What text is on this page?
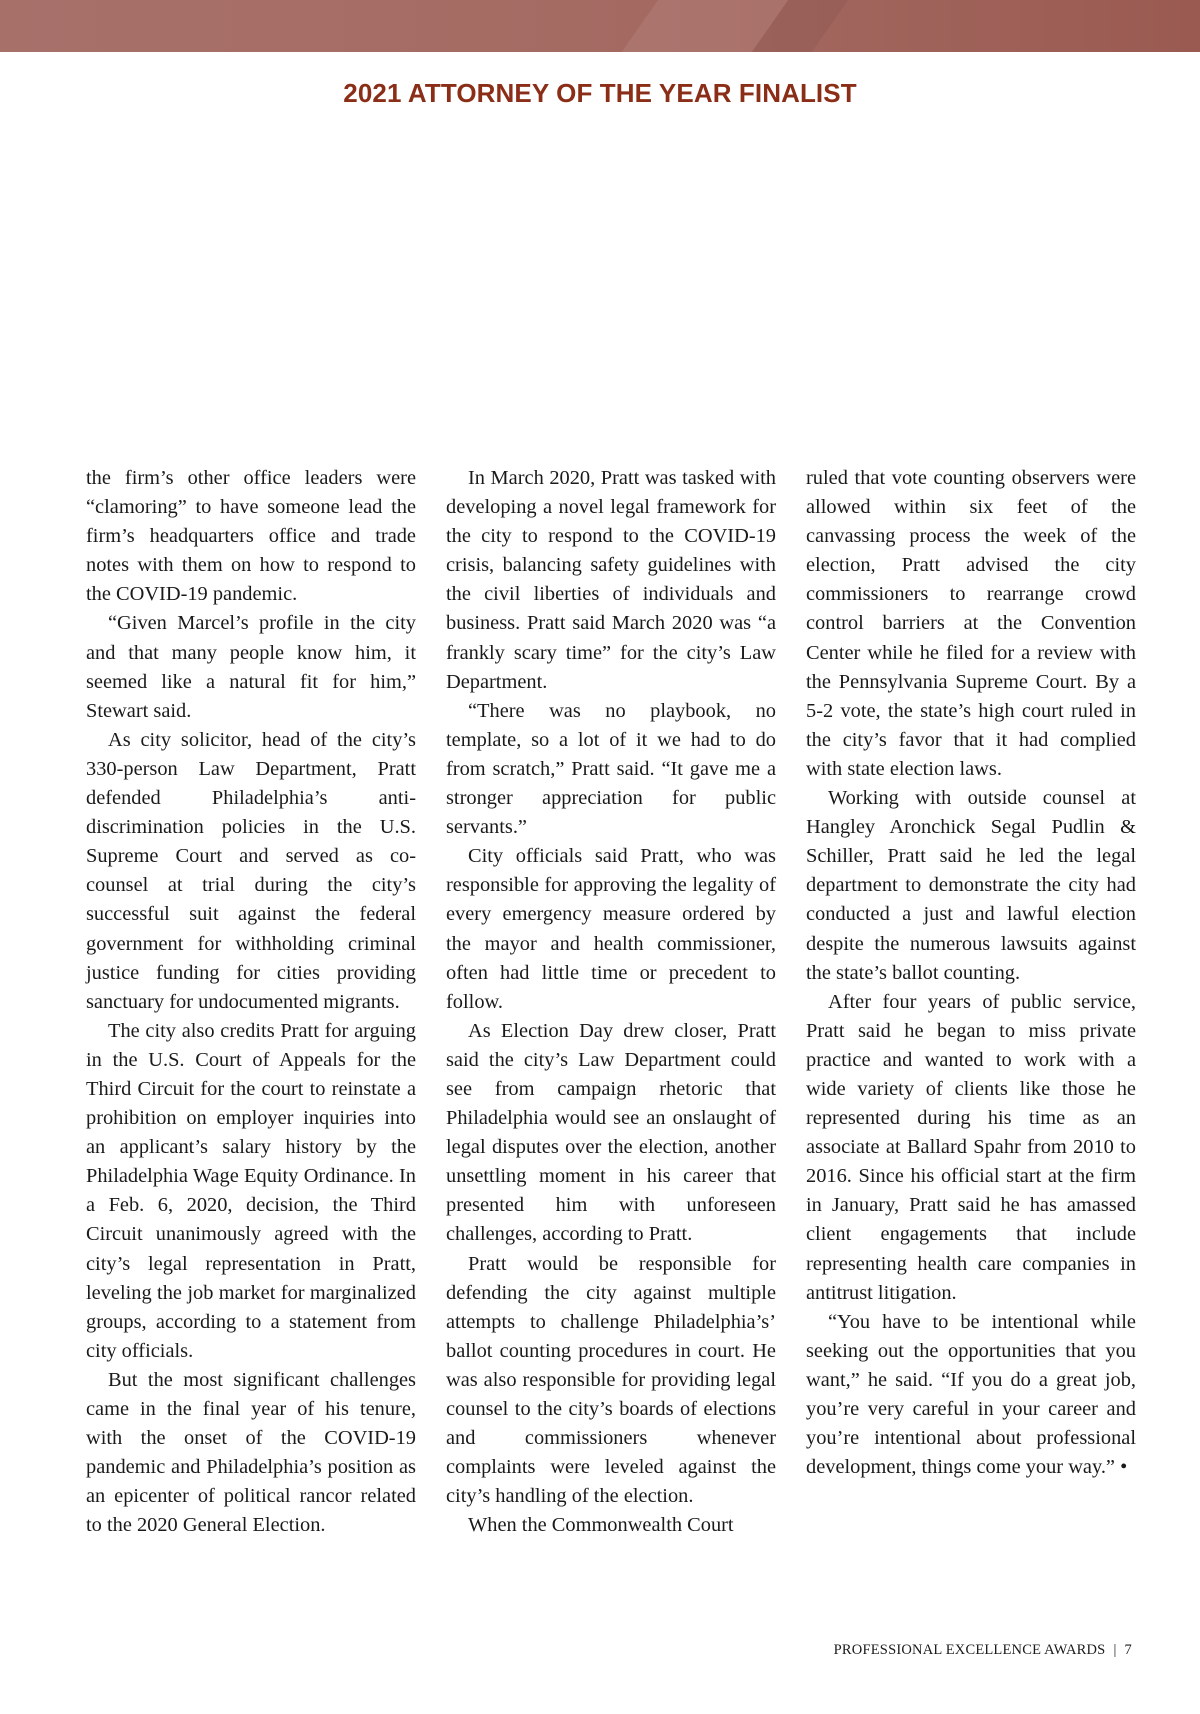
2021 ATTORNEY OF THE YEAR FINALIST

the firm’s other office leaders were “clamoring” to have someone lead the firm’s headquarters office and trade notes with them on how to respond to the COVID-19 pandemic.

“Given Marcel’s profile in the city and that many people know him, it seemed like a natural fit for him,” Stewart said.

As city solicitor, head of the city’s 330-person Law Department, Pratt defended Philadelphia’s anti-discrimination policies in the U.S. Supreme Court and served as co-counsel at trial during the city’s successful suit against the federal government for withholding criminal justice funding for cities providing sanctuary for undocumented migrants.

The city also credits Pratt for arguing in the U.S. Court of Appeals for the Third Circuit for the court to reinstate a prohibition on employer inquiries into an applicant’s salary history by the Philadelphia Wage Equity Ordinance. In a Feb. 6, 2020, decision, the Third Circuit unanimously agreed with the city’s legal representation in Pratt, leveling the job market for marginalized groups, according to a statement from city officials.

But the most significant challenges came in the final year of his tenure, with the onset of the COVID-19 pandemic and Philadelphia’s position as an epicenter of political rancor related to the 2020 General Election.

In March 2020, Pratt was tasked with developing a novel legal framework for the city to respond to the COVID-19 crisis, balancing safety guidelines with the civil liberties of individuals and business. Pratt said March 2020 was “a frankly scary time” for the city’s Law Department.

“There was no playbook, no template, so a lot of it we had to do from scratch,” Pratt said. “It gave me a stronger appreciation for public servants.”

City officials said Pratt, who was responsible for approving the legality of every emergency measure ordered by the mayor and health commissioner, often had little time or precedent to follow.

As Election Day drew closer, Pratt said the city’s Law Department could see from campaign rhetoric that Philadelphia would see an onslaught of legal disputes over the election, another unsettling moment in his career that presented him with unforeseen challenges, according to Pratt.

Pratt would be responsible for defending the city against multiple attempts to challenge Philadelphia’s’ ballot counting procedures in court. He was also responsible for providing legal counsel to the city’s boards of elections and commissioners whenever complaints were leveled against the city’s handling of the election.

When the Commonwealth Court

ruled that vote counting observers were allowed within six feet of the canvassing process the week of the election, Pratt advised the city commissioners to rearrange crowd control barriers at the Convention Center while he filed for a review with the Pennsylvania Supreme Court. By a 5-2 vote, the state’s high court ruled in the city’s favor that it had complied with state election laws.

Working with outside counsel at Hangley Aronchick Segal Pudlin & Schiller, Pratt said he led the legal department to demonstrate the city had conducted a just and lawful election despite the numerous lawsuits against the state’s ballot counting.

After four years of public service, Pratt said he began to miss private practice and wanted to work with a wide variety of clients like those he represented during his time as an associate at Ballard Spahr from 2010 to 2016. Since his official start at the firm in January, Pratt said he has amassed client engagements that include representing health care companies in antitrust litigation.

“You have to be intentional while seeking out the opportunities that you want,” he said. “If you do a great job, you’re very careful in your career and you’re intentional about professional development, things come your way.” •

PROFESSIONAL EXCELLENCE AWARDS | 7
